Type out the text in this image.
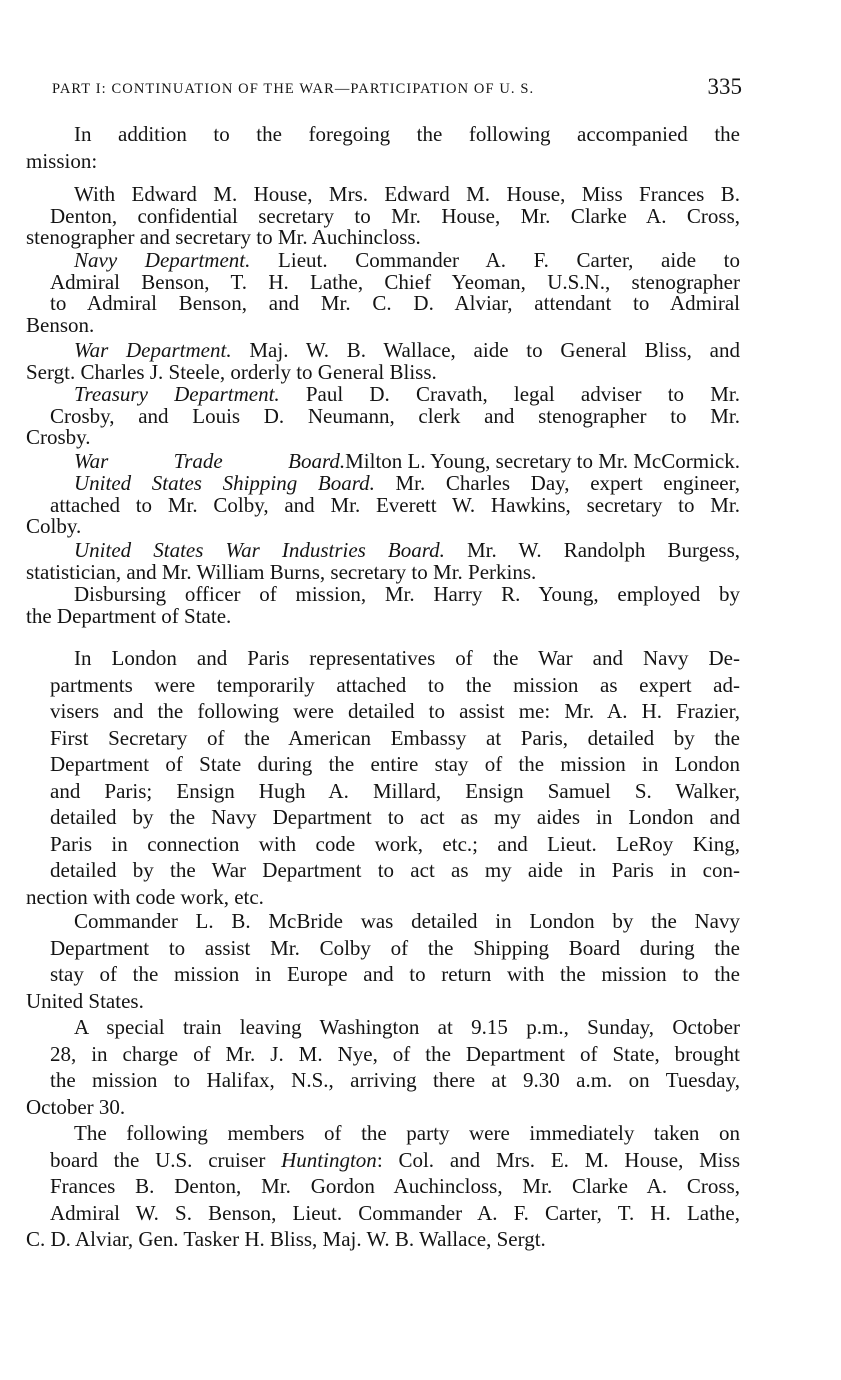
PART I: CONTINUATION OF THE WAR—PARTICIPATION OF U. S.	335

In addition to the foregoing the following accompanied the
mission:

With Edward M. House, Mrs. Edward M. House, Miss Frances B.
Denton, confidential secretary to Mr. House, Mr. Clarke A. Cross,
stenographer and secretary to Mr. Auchincloss.

Navy Department. Lieut. Commander A. F. Carter, aide to
Admiral Benson, T. H. Lathe, Chief Yeoman, U.S.N., stenographer
to Admiral Benson, and Mr. C. D. Alviar, attendant to Admiral
Benson.

War Department. Maj. W. B. Wallace, aide to General Bliss, and
Sergt. Charles J. Steele, orderly to General Bliss.

Treasury Department. Paul D. Cravath, legal adviser to Mr.
Crosby, and Louis D. Neumann, clerk and stenographer to Mr.
Crosby.

War Trade Board.Milton L. Young, secretary to Mr. McCormick.

United States Shipping Board. Mr. Charles Day, expert engineer,
attached to Mr. Colby, and Mr. Everett W. Hawkins, secretary to Mr.
Colby.

United States War Industries Board. Mr. W. Randolph Burgess,
statistician, and Mr. William Burns, secretary to Mr. Perkins.

Disbursing officer of mission, Mr. Harry R. Young, employed by
the Department of State.

In London and Paris representatives of the War and Navy De-
partments were temporarily attached to the mission as expert ad-
visers and the following were detailed to assist me: Mr. A. H. Frazier,
First Secretary of the American Embassy at Paris, detailed by the
Department of State during the entire stay of the mission in London
and Paris; Ensign Hugh A. Millard, Ensign Samuel S. Walker,
detailed by the Navy Department to act as my aides in London and
Paris in connection with code work, etc.; and Lieut. LeRoy King,
detailed by the War Department to act as my aide in Paris in con-
nection with code work, etc.

Commander L. B. McBride was detailed in London by the Navy
Department to assist Mr. Colby of the Shipping Board during the
stay of the mission in Europe and to return with the mission to the
United States.

A special train leaving Washington at 9.15 p.m., Sunday, October
28, in charge of Mr. J. M. Nye, of the Department of State, brought
the mission to Halifax, N.S., arriving there at 9.30 a.m. on Tuesday,
October 30.

The following members of the party were immediately taken on
board the U.S. cruiser Huntington: Col. and Mrs. E. M. House, Miss
Frances B. Denton, Mr. Gordon Auchincloss, Mr. Clarke A. Cross,
Admiral W. S. Benson, Lieut. Commander A. F. Carter, T. H. Lathe,
C. D. Alviar, Gen. Tasker H. Bliss, Maj. W. B. Wallace, Sergt.
